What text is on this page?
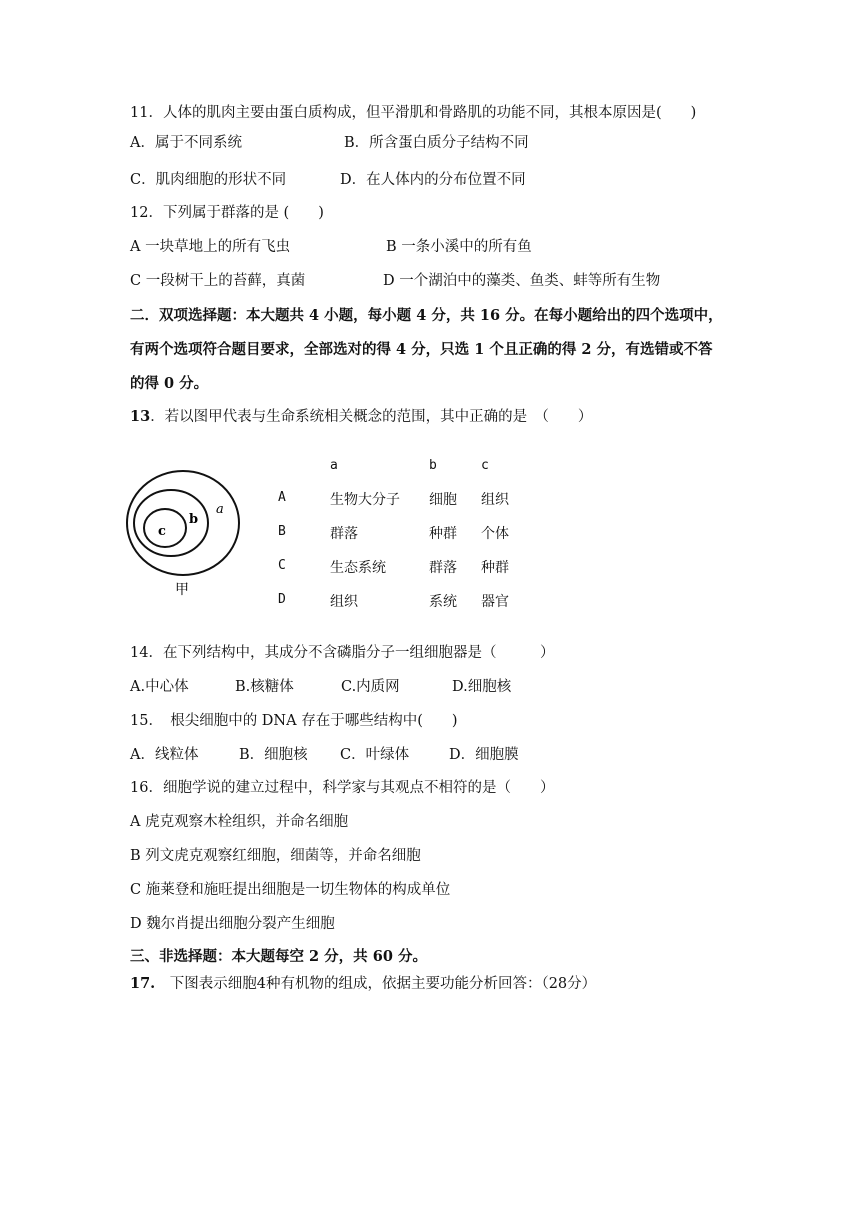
11．人体的肌肉主要由蛋白质构成，但平滑肌和骨路肌的功能不同，其根本原因是(　　)
A．属于不同系统	B．所含蛋白质分子结构不同
C．肌肉细胞的形状不同	D．在人体内的分布位置不同
12．下列属于群落的是 (　　)
A 一块草地上的所有飞虫	B 一条小溪中的所有鱼
C 一段树干上的苔藓，真菌	D 一个湖泊中的藻类、鱼类、蚌等所有生物
二．双项选择题：本大题共 4 小题，每小题 4 分，共 16 分。在每小题给出的四个选项中，
有两个选项符合题目要求，全部选对的得 4 分，只选 1 个且正确的得 2 分，有选错或不答
的得 0 分。
13．若以图甲代表与生命系统相关概念的范围，其中正确的是　（　　）
a
b
c
甲
a	b	c
A	生物大分子 细胞 组织
B	群落	种群 个体
C	生态系统	群落 种群
D	组织	系统 器官
14．在下列结构中，其成分不含磷脂分子一组细胞器是（　　　）
A.中心体	B.核糖体	C.内质网	D.细胞核
15．　根尖细胞中的 DNA 存在于哪些结构中(　　)
A．线粒体	B．细胞核 C．叶绿体	D．细胞膜
16．细胞学说的建立过程中，科学家与其观点不相符的是（　　）
A 虎克观察木栓组织，并命名细胞
B 列文虎克观察红细胞，细菌等，并命名细胞
C 施莱登和施旺提出细胞是一切生物体的构成单位
D 魏尔肖提出细胞分裂产生细胞
三、非选择题：本大题每空 2 分，共 60 分。
17.　下图表示细胞4种有机物的组成，依据主要功能分析回答：（28分）
